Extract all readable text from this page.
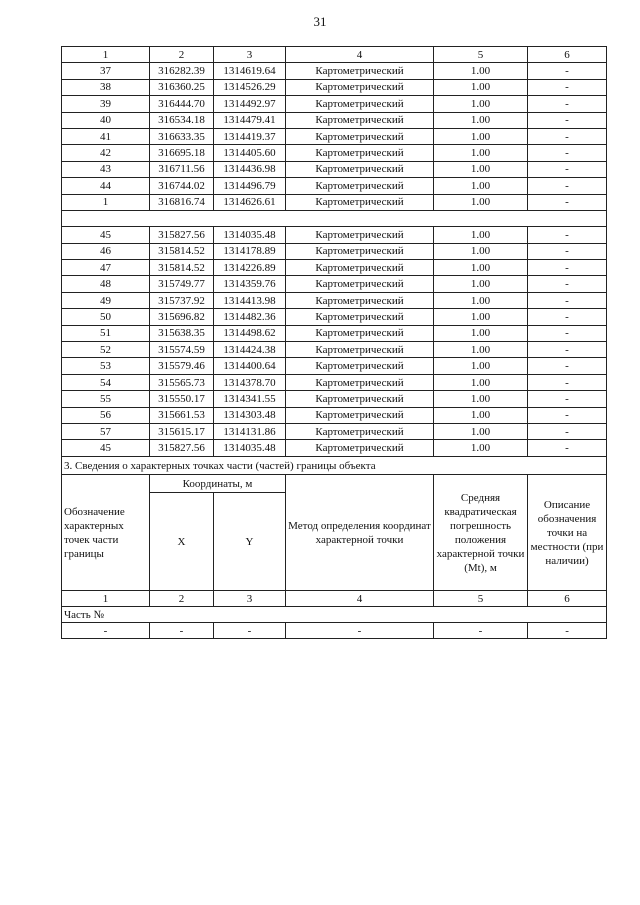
31
1	2	3	4	5	6
37	316282.39	1314619.64	Картометрический	1.00	-
38	316360.25	1314526.29	Картометрический	1.00	-
39	316444.70	1314492.97	Картометрический	1.00	-
40	316534.18	1314479.41	Картометрический	1.00	-
41	316633.35	1314419.37	Картометрический	1.00	-
42	316695.18	1314405.60	Картометрический	1.00	-
43	316711.56	1314436.98	Картометрический	1.00	-
44	316744.02	1314496.79	Картометрический	1.00	-
1	316816.74	1314626.61	Картометрический	1.00	-

45	315827.56	1314035.48	Картометрический	1.00	-
46	315814.52	1314178.89	Картометрический	1.00	-
47	315814.52	1314226.89	Картометрический	1.00	-
48	315749.77	1314359.76	Картометрический	1.00	-
49	315737.92	1314413.98	Картометрический	1.00	-
50	315696.82	1314482.36	Картометрический	1.00	-
51	315638.35	1314498.62	Картометрический	1.00	-
52	315574.59	1314424.38	Картометрический	1.00	-
53	315579.46	1314400.64	Картометрический	1.00	-
54	315565.73	1314378.70	Картометрический	1.00	-
55	315550.17	1314341.55	Картометрический	1.00	-
56	315661.53	1314303.48	Картометрический	1.00	-
57	315615.17	1314131.86	Картометрический	1.00	-
45	315827.56	1314035.48	Картометрический	1.00	-
3. Сведения о характерных точках части (частей) границы объекта					
Обозначение характерных точек части границы	Координаты, м		Метод определения координат характерной точки	Средняя квадратическая погрешность положения характерной точки (Mt), м	Описание обозначения точки на местности (при наличии)
	X	Y			
1	2	3	4	5	6
Часть №					
-	-	-	-	-	-
